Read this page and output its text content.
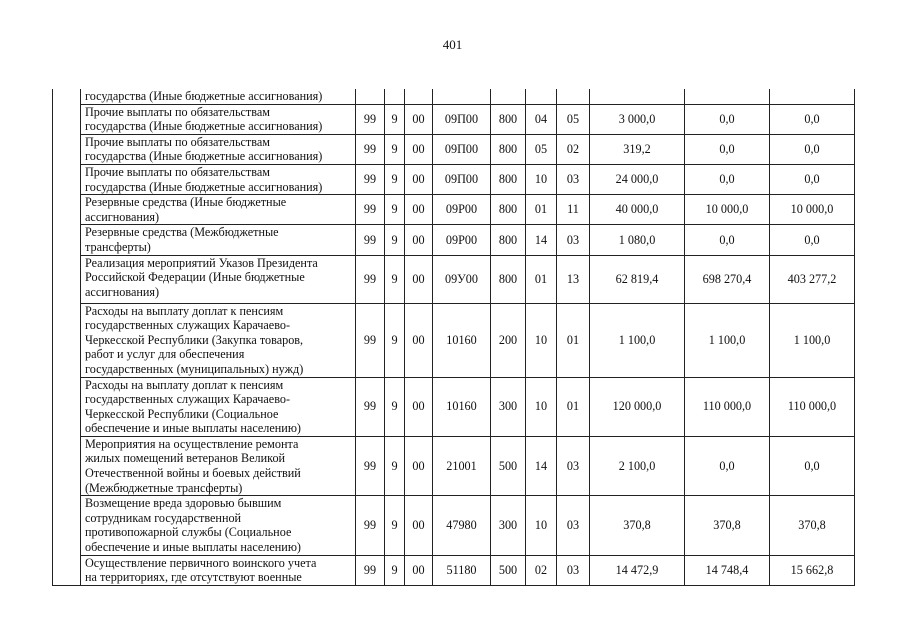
401

	государства (Иные бюджетные ассигнования)											

	Прочие выплаты по обязательствам
государства (Иные бюджетные ассигнования)	99	9	00	09П00	800	04	05	3 000,0	0,0	0,0	

	Прочие выплаты по обязательствам
государства (Иные бюджетные ассигнования)	99	9	00	09П00	800	05	02	319,2	0,0	0,0	

	Прочие выплаты по обязательствам
государства (Иные бюджетные ассигнования)	99	9	00	09П00	800	10	03	24 000,0	0,0	0,0	

	Резервные средства (Иные бюджетные
ассигнования)	99	9	00	09Р00	800	01	11	40 000,0	10 000,0	10 000,0	

	Резервные средства (Межбюджетные
трансферты)	99	9	00	09Р00	800	14	03	1 080,0	0,0	0,0	

	Реализация мероприятий Указов Президента
Российской Федерации (Иные бюджетные
ассигнования)	99	9	00	09У00	800	01	13	62 819,4	698 270,4	403 277,2	

	Расходы на выплату доплат к пенсиям
государственных служащих Карачаево-
Черкесской Республики (Закупка товаров,
работ и услуг для обеспечения
государственных (муниципальных) нужд)	99	9	00	10160	200	10	01	1 100,0	1 100,0	1 100,0	

	Расходы на выплату доплат к пенсиям
государственных служащих Карачаево-
Черкесской Республики (Социальное
обеспечение и иные выплаты населению)	99	9	00	10160	300	10	01	120 000,0	110 000,0	110 000,0	

	Мероприятия на осуществление ремонта
жилых помещений ветеранов Великой
Отечественной войны и боевых действий
(Межбюджетные трансферты)	99	9	00	21001	500	14	03	2 100,0	0,0	0,0	

	Возмещение вреда здоровью бывшим
сотрудникам государственной
противопожарной службы (Социальное
обеспечение и иные выплаты населению)	99	9	00	47980	300	10	03	370,8	370,8	370,8	

	Осуществление первичного воинского учета
на территориях, где отсутствуют военные	99	9	00	51180	500	02	03	14 472,9	14 748,4	15 662,8	
